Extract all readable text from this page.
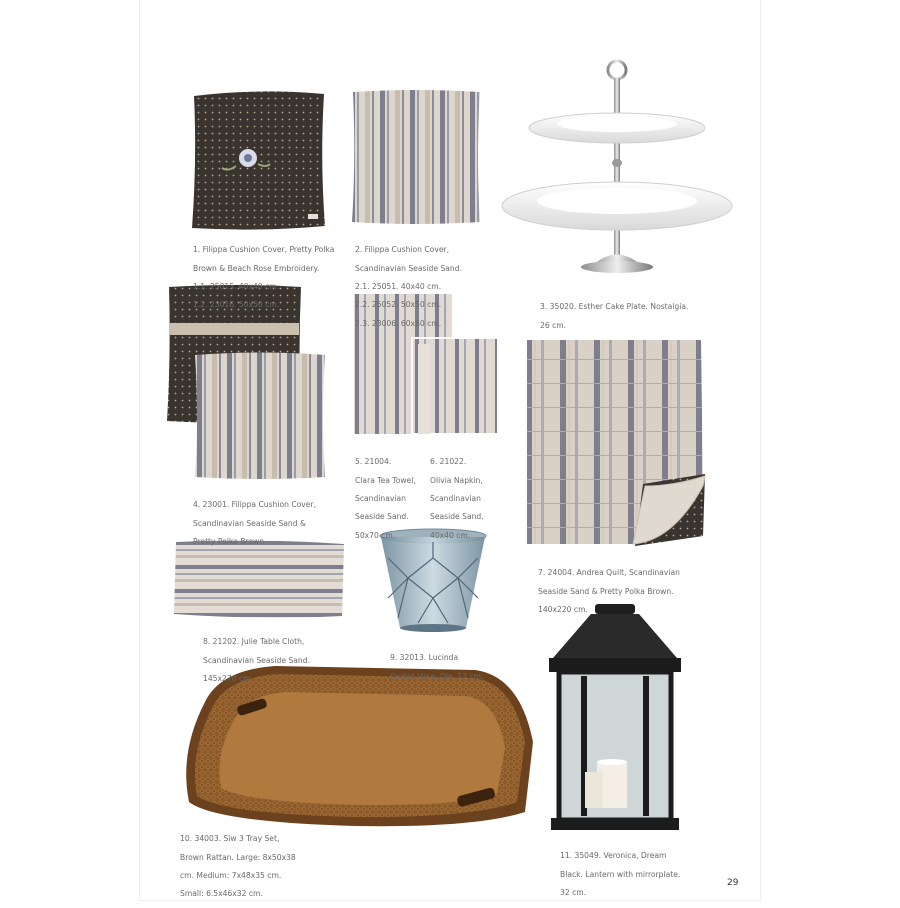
1. Filippa Cushion Cover, Pretty Polka

Brown & Beach Rose Embroidery.

1.1. 25015. 40x40 cm.

1.2. 23016. 50x50 cm.

2. Filippa Cushion Cover,

Scandinavian Seaside Sand.

2.1. 25051. 40x40 cm.

2.2. 25052. 50x50 cm.

2.3. 23006. 60x60 cm.

3. 35020. Esther Cake Plate. Nostalgia.

26 cm.

4. 23001. Filippa Cushion Cover,

Scandinavian Seaside Sand &

Pretty Polka Brown.

5. 21004.

Clara Tea Towel,

Scandinavian

Seaside Sand.

50x70 cm.

6. 21022.

Olivia Napkin,

Scandinavian

Seaside Sand.

40x40 cm.

7. 24004. Andrea Quilt, Scandinavian

Seaside Sand & Pretty Polka Brown.

140x220 cm.

8. 21202. Julie Table Cloth,

Scandinavian Seaside Sand.

145x270 cm.

9. 32013. Lucinda

Orchid Vase. Dia. 13 cm.

10. 34003. Siw 3 Tray Set,

Brown Rattan. Large: 8x50x38

cm. Medium: 7x48x35 cm.

Small: 6.5x46x32 cm.

11. 35049. Veronica, Dream

Black. Lantern with mirrorplate.

32 cm.

29
